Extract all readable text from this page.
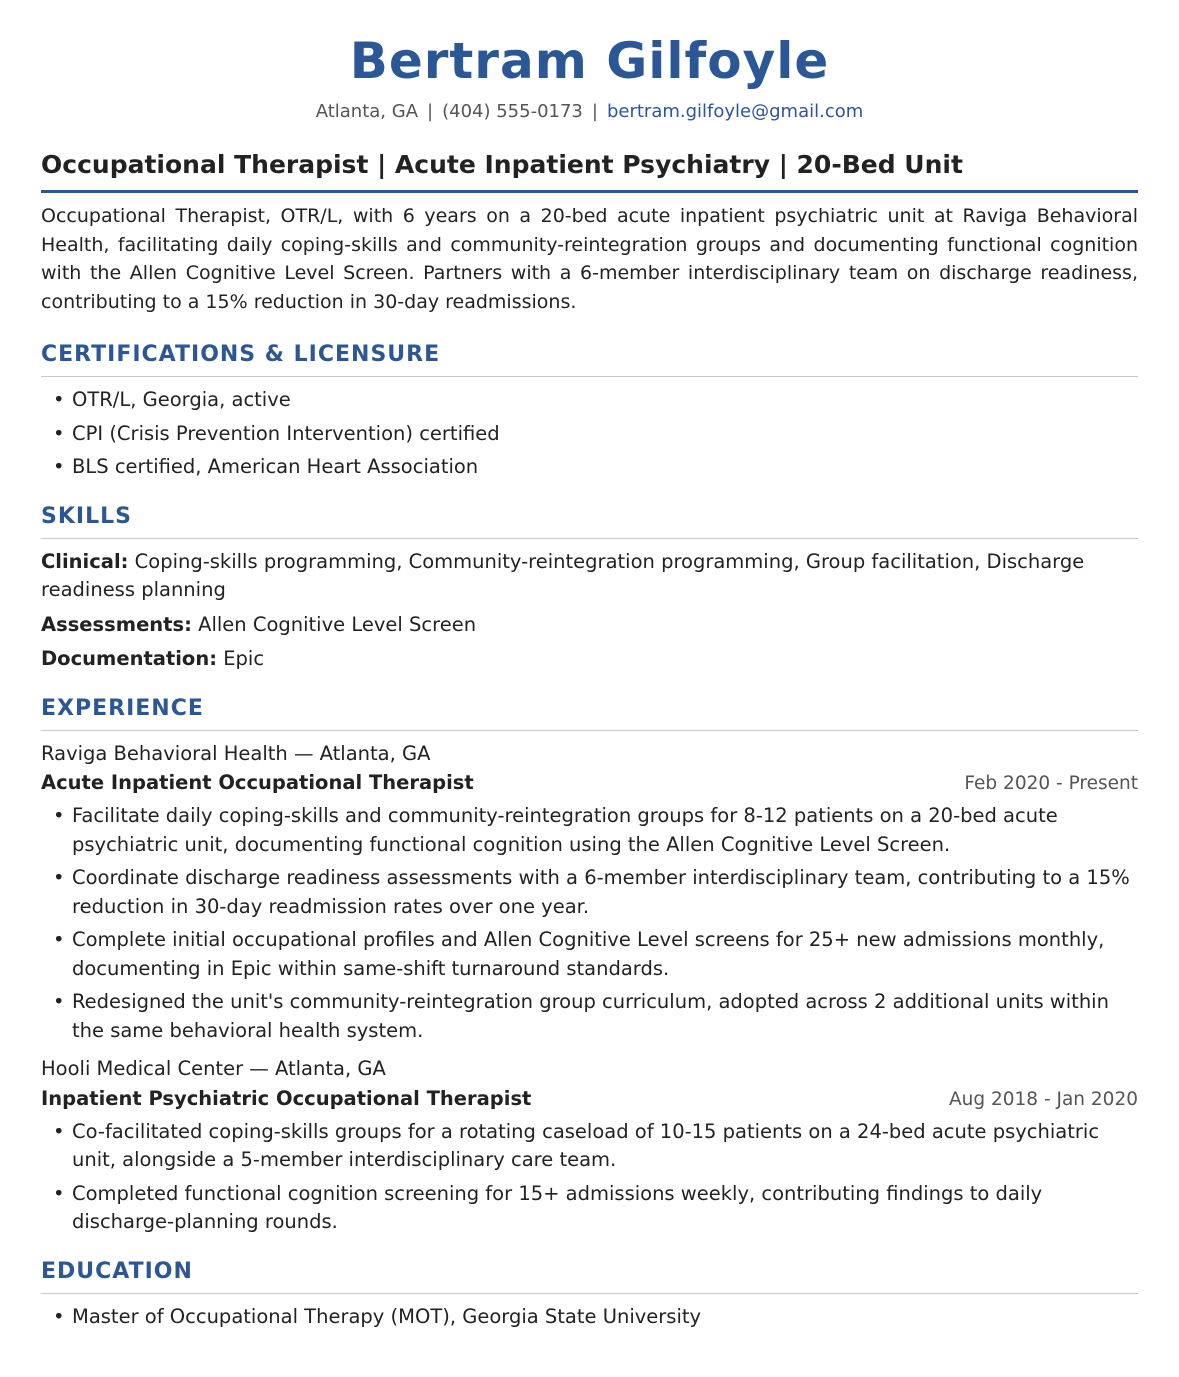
Bertram Gilfoyle
Atlanta, GA | (404) 555-0173 | bertram.gilfoyle@gmail.com
Occupational Therapist | Acute Inpatient Psychiatry | 20-Bed Unit

Occupational Therapist, OTR/L, with 6 years on a 20-bed acute inpatient psychiatric unit at Raviga Behavioral Health, facilitating daily coping-skills and community-reintegration groups and documenting functional cognition with the Allen Cognitive Level Screen. Partners with a 6-member interdisciplinary team on discharge readiness, contributing to a 15% reduction in 30-day readmissions.

CERTIFICATIONS & LICENSURE
• OTR/L, Georgia, active
• CPI (Crisis Prevention Intervention) certified
• BLS certified, American Heart Association
SKILLS
Clinical: Coping-skills programming, Community-reintegration programming, Group facilitation, Discharge readiness planning
Assessments: Allen Cognitive Level Screen
Documentation: Epic
EXPERIENCE
Raviga Behavioral Health — Atlanta, GA
Acute Inpatient Occupational Therapist	Feb 2020 - Present
• Facilitate daily coping-skills and community-reintegration groups for 8-12 patients on a 20-bed acute psychiatric unit, documenting functional cognition using the Allen Cognitive Level Screen.
• Coordinate discharge readiness assessments with a 6-member interdisciplinary team, contributing to a 15% reduction in 30-day readmission rates over one year.
• Complete initial occupational profiles and Allen Cognitive Level screens for 25+ new admissions monthly, documenting in Epic within same-shift turnaround standards.
• Redesigned the unit's community-reintegration group curriculum, adopted across 2 additional units within the same behavioral health system.
Hooli Medical Center — Atlanta, GA
Inpatient Psychiatric Occupational Therapist	Aug 2018 - Jan 2020
• Co-facilitated coping-skills groups for a rotating caseload of 10-15 patients on a 24-bed acute psychiatric unit, alongside a 5-member interdisciplinary care team.
• Completed functional cognition screening for 15+ admissions weekly, contributing findings to daily discharge-planning rounds.
EDUCATION
• Master of Occupational Therapy (MOT), Georgia State University
